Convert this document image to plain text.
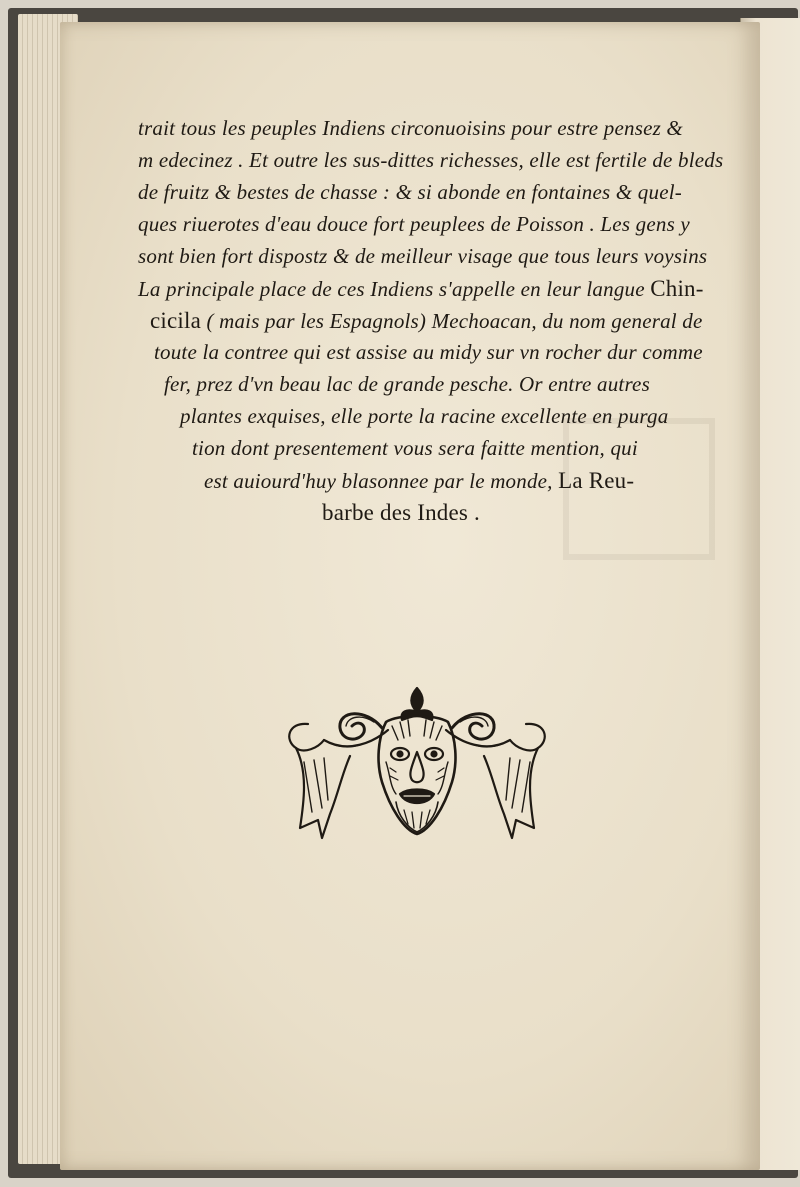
trait tous les peuples Indiens circonuoisins pour estre pensez &
m edecinez . Et outre les sus-dittes richesses, elle est fertile de bleds
de fruitz & bestes de chasse : & si abonde en fontaines & quel-
ques riuerotes d'eau douce fort peuplees de Poisson . Les gens y
sont bien fort dispostz & de meilleur visage que tous leurs voysins
La principale place de ces Indiens s'appelle en leur langue Chin-
cicila ( mais par les Espagnols) Mechoacan, du nom general de
toute la contree qui est assise au midy sur vn rocher dur comme
fer, prez d'vn beau lac de grande pesche. Or entre autres
plantes exquises, elle porte la racine excellente en purga
tion dont presentement vous sera faitte mention, qui
est auiourd'huy blasonnee par le monde, La Reu-
barbe des Indes .
